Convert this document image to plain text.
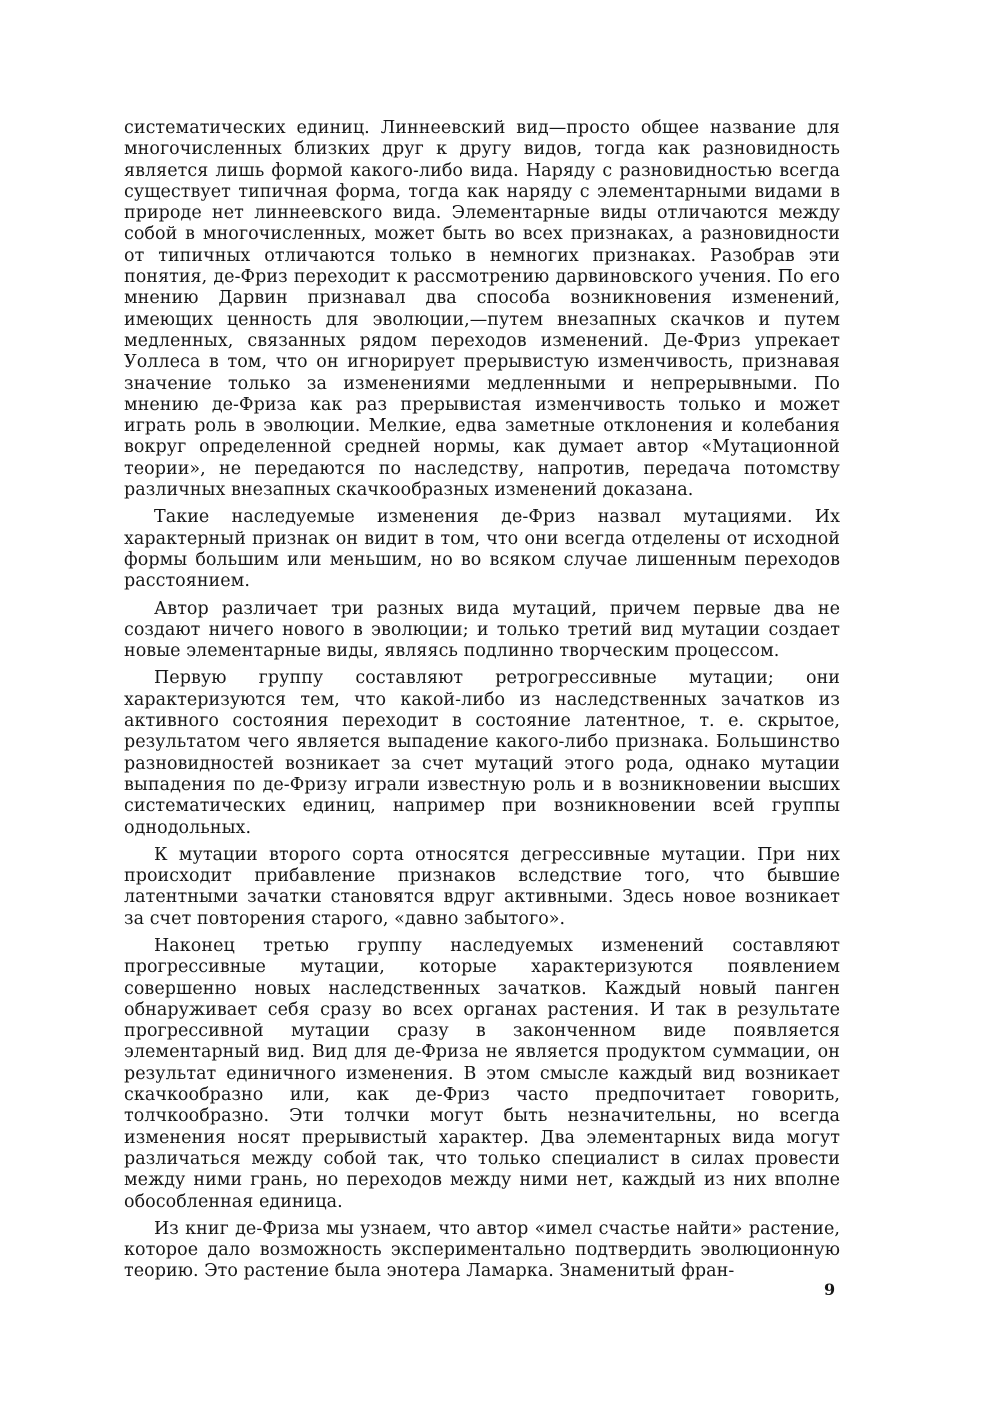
систематических единиц. Линнеевский вид—просто общее название для многочисленных близких друг к другу видов, тогда как разновидность является лишь формой какого-либо вида. Наряду с разновидностью всегда существует типичная форма, тогда как наряду с элементарными видами в природе нет линнеевского вида. Элементарные виды отличаются между собой в многочисленных, может быть во всех признаках, а разновидности от типичных отличаются только в немногих признаках. Разобрав эти понятия, де-Фриз переходит к рассмотрению дарвиновского учения. По его мнению Дарвин признавал два способа возникновения изменений, имеющих ценность для эволюции,—путем внезапных скачков и путем медленных, связанных рядом переходов изменений. Де-Фриз упрекает Уоллеса в том, что он игнорирует прерывистую изменчивость, признавая значение только за изменениями медленными и непрерывными. По мнению де-Фриза как раз прерывистая изменчивость только и может играть роль в эволюции. Мелкие, едва заметные отклонения и колебания вокруг определенной средней нормы, как думает автор «Мутационной теории», не передаются по наследству, напротив, передача потомству различных внезапных скачкообразных изменений доказана.

Такие наследуемые изменения де-Фриз назвал мутациями. Их характерный признак он видит в том, что они всегда отделены от исходной формы большим или меньшим, но во всяком случае лишенным переходов расстоянием.

Автор различает три разных вида мутаций, причем первые два не создают ничего нового в эволюции; и только третий вид мутации создает новые элементарные виды, являясь подлинно творческим процессом.

Первую группу составляют ретрогрессивные мутации; они характеризуются тем, что какой-либо из наследственных зачатков из активного состояния переходит в состояние латентное, т. е. скрытое, результатом чего является выпадение какого-либо признака. Большинство разновидностей возникает за счет мутаций этого рода, однако мутации выпадения по де-Фризу играли известную роль и в возникновении высших систематических единиц, например при возникновении всей группы однодольных.

К мутации второго сорта относятся дегрессивные мутации. При них происходит прибавление признаков вследствие того, что бывшие латентными зачатки становятся вдруг активными. Здесь новое возникает за счет повторения старого, «давно забытого».

Наконец третью группу наследуемых изменений составляют прогрессивные мутации, которые характеризуются появлением совершенно новых наследственных зачатков. Каждый новый панген обнаруживает себя сразу во всех органах растения. И так в результате прогрессивной мутации сразу в законченном виде появляется элементарный вид. Вид для де-Фриза не является продуктом суммации, он результат единичного изменения. В этом смысле каждый вид возникает скачкообразно или, как де-Фриз часто предпочитает говорить, толчкообразно. Эти толчки могут быть незначительны, но всегда изменения носят прерывистый характер. Два элементарных вида могут различаться между собой так, что только специалист в силах провести между ними грань, но переходов между ними нет, каждый из них вполне обособленная единица.

Из книг де-Фриза мы узнаем, что автор «имел счастье найти» растение, которое дало возможность экспериментально подтвердить эволюционную теорию. Это растение была энотера Ламарка. Знаменитый фран-

9
